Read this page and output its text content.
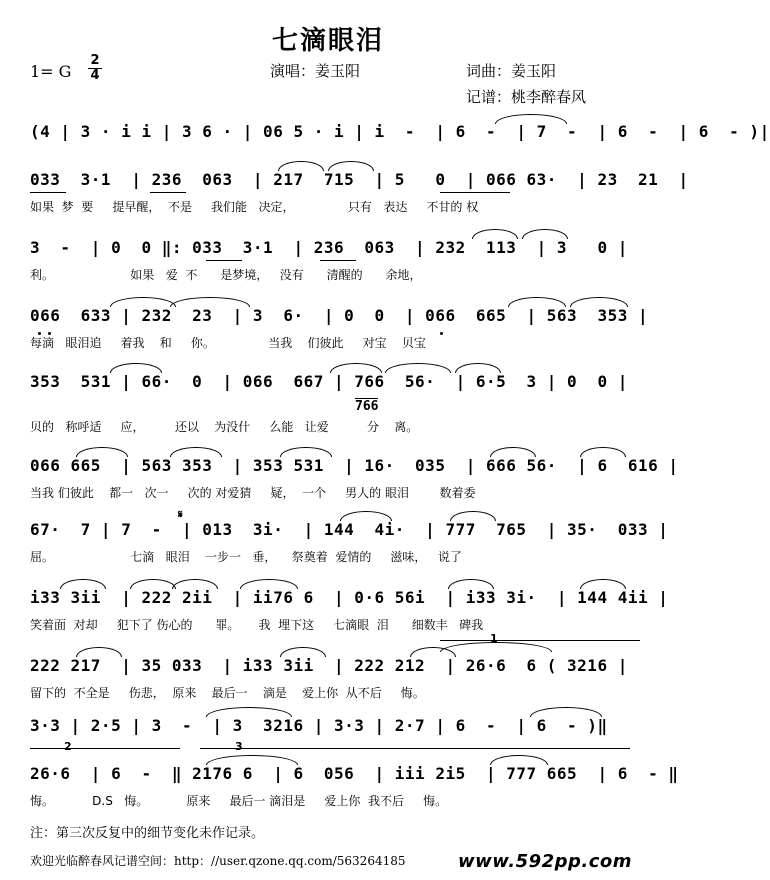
七滴眼泪
1= G
2
4	演唱：姜玉阳	词曲：姜玉阳
记谱：桃李醉春风
(4 | 3 · i i | 3 6 · | 06 5 · i | i  -  | 6  -  | 7  -  | 6  -  | 6  - )|
033  3·1  | 236  063  | 217  715  | 5   0  | 066 63·  | 23  21  |
如果  梦  要     提早醒，  不是     我们能   决定，              只有   表达     不甘的 权
3  -  | 0  0 ‖: 033  3·1  | 236  063  | 232  113  | 3   0 |
利。                    如果   爱  不      是梦境，   没有      清醒的      余地，
066  633 | 232  23  | 3  6·  | 0  0  | 066  665  | 563  353 |
每滴   眼泪追     着我    和     你。              当我    们彼此     对宝    贝宝
353  531 | 66·  0  | 066  667 | 766  56·  | 6·5  3 | 0  0 |
766
贝的   称呼适     应，        还以    为没什     么能   让爱          分    离。
066 665  | 563 353  | 353 531  | 16·  035  | 666 56·  | 6  616 |
当我 们彼此    都一   次一     次的 对爱猜     疑，  一个     男人的 眼泪        数着委
67·  7 | 7  -  | 013  3i·  | 144  4i·  | 777  765  | 35·  033 |
𝄋
屈。                    七滴   眼泪    一步一   垂，    祭奠着  爱情的     滋味，   说了
i33 3ii  | 222 2ii  | ii76 6  | 0·6 56i  | i33 3i·  | 144 4ii |
笑着面  对却     犯下了 伤心的      罪。     我  埋下这     七滴眼  泪      细数丰   碑我
222 217  | 35 033  | i33 3ii  | 222 212  | 26·6  6 ( 3216 |
1
留下的  不全是     伤悲，  原来    最后一    滴是    爱上你  从不后     悔。
3·3 | 2·5 | 3  -  | 3  3216 | 3·3 | 2·7 | 6  -  | 6  - )‖
26·6  | 6  -  ‖ 2176 6  | 6  056  | iii 2i5  | 777 665  | 6  - ‖
2	3
悔。          D.S   悔。          原来     最后一 滴泪是     爱上你  我不后     悔。
注：第三次反复中的细节变化未作记录。
欢迎光临醉春风记谱空间：http：//user.qzone.qq.com/563264185	www.592pp.com
